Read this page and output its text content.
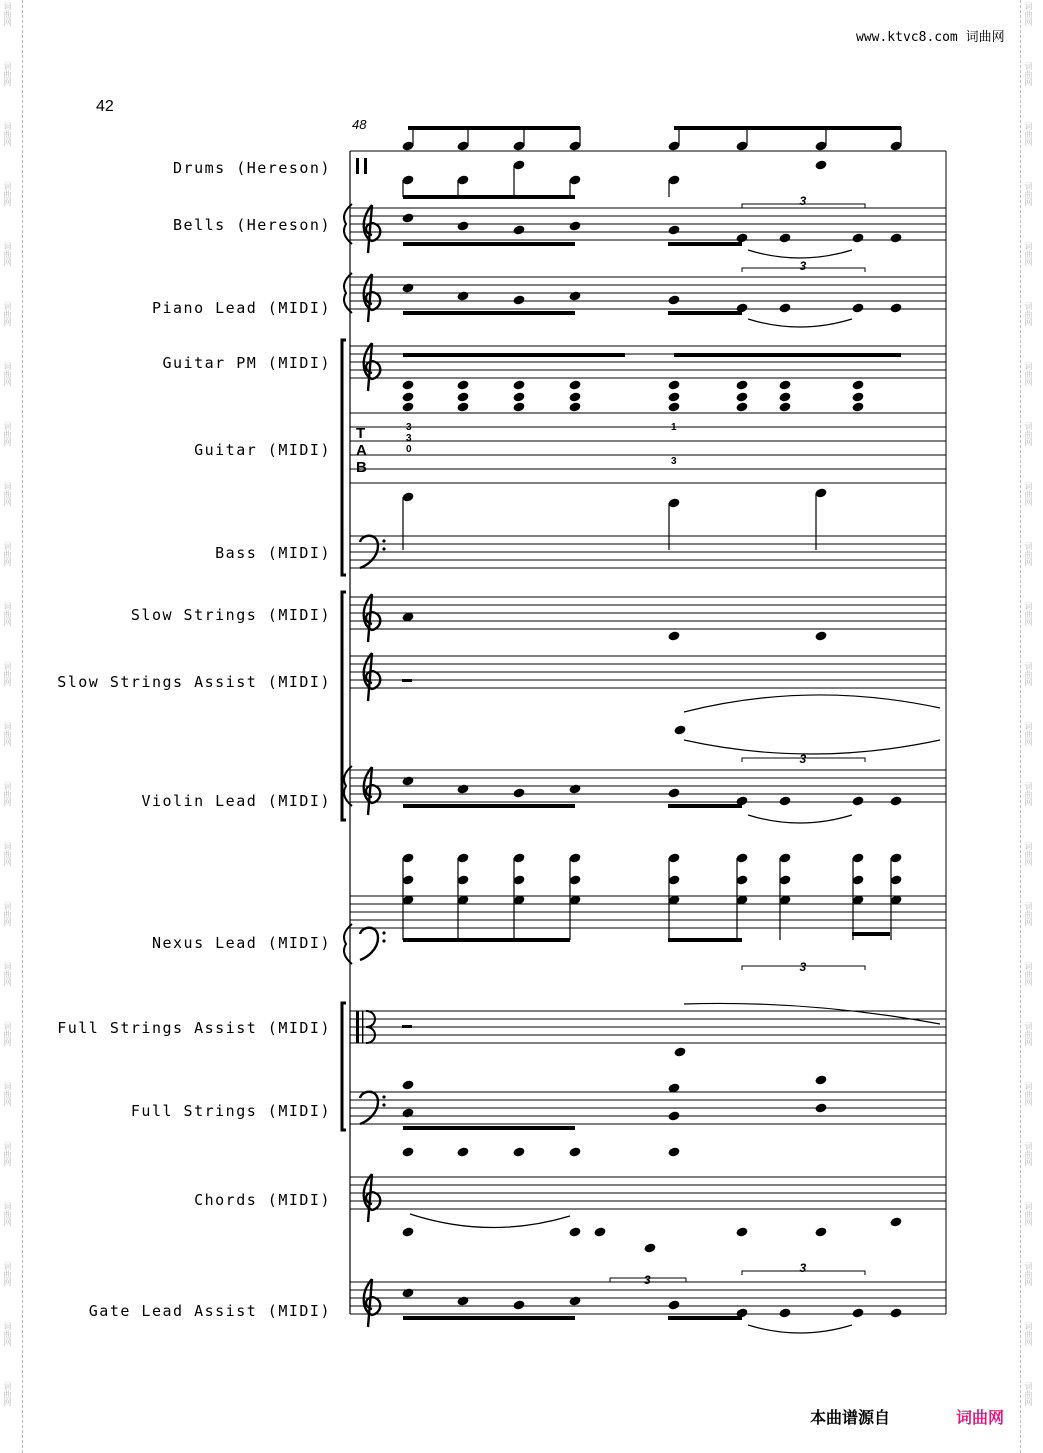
词曲网
词曲网
词曲网
词曲网
词曲网
词曲网
词曲网
词曲网
词曲网
词曲网
词曲网
词曲网
词曲网
词曲网
词曲网
词曲网
词曲网
词曲网
词曲网
词曲网
词曲网
词曲网
词曲网
词曲网
词曲网
词曲网
词曲网
词曲网
词曲网
词曲网
词曲网
词曲网
词曲网
词曲网
词曲网
词曲网
词曲网
词曲网
词曲网
词曲网
词曲网
词曲网
词曲网
词曲网
词曲网
词曲网
词曲网
词曲网
www.ktvc8.com 词曲网
42
48
Drums (Hereson)
Bells (Hereson)
Piano Lead (MIDI)
Guitar PM (MIDI)
Guitar (MIDI)
Bass (MIDI)
Slow Strings (MIDI)
Slow Strings Assist (MIDI)
Violin Lead (MIDI)
Nexus Lead (MIDI)
Full Strings Assist (MIDI)
Full Strings (MIDI)
Chords (MIDI)
Gate Lead Assist (MIDI)
T
A
B
3
3
0
1
3
3
3
3
3
3
3
本曲谱源自	词曲网
